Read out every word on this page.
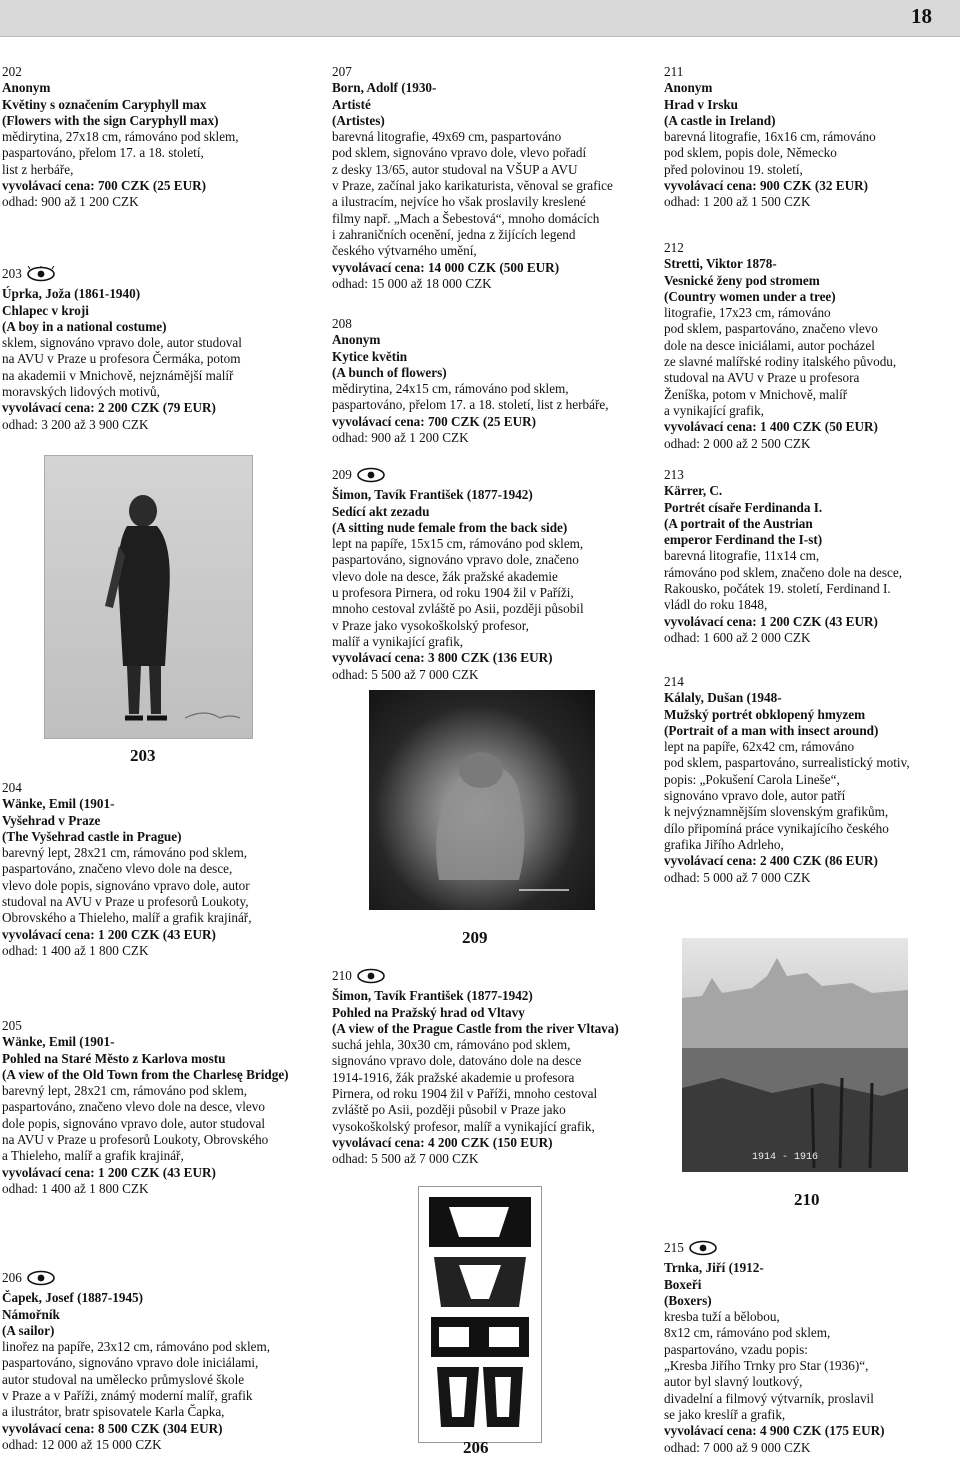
18
202
Anonym
Květiny s označením Caryphyll max
(Flowers with the sign Caryphyll max)
mědirytina, 27x18 cm, rámováno pod sklem,
paspartováno, přelom 17. a 18. století,
list z herbáře,
vyvolávací cena: 700 CZK (25 EUR)
odhad: 900 až 1 200 CZK
203
Úprka, Joža (1861-1940)
Chlapec v kroji
(A boy in a national costume)
sklem, signováno vpravo dole, autor studoval
na AVU v Praze u profesora Čermáka, potom
na akademii v Mnichově, nejznámější malíř
moravských lidových motivů,
vyvolávací cena: 2 200 CZK (79 EUR)
odhad: 3 200 až 3 900 CZK
203
204
Wänke, Emil (1901-
Vyšehrad v Praze
(The Vyšehrad castle in Prague)
barevný lept, 28x21 cm, rámováno pod sklem,
paspartováno, značeno vlevo dole na desce,
vlevo dole popis, signováno vpravo dole, autor
studoval na AVU v Praze u profesorů Loukoty,
Obrovského a Thieleho, malíř a grafik krajinář,
vyvolávací cena: 1 200 CZK (43 EUR)
odhad: 1 400 až 1 800 CZK
205
Wänke, Emil (1901-
Pohled na Staré Město z Karlova mostu
(A view of the Old Town from the Charlesę Bridge)
barevný lept, 28x21 cm, rámováno pod sklem,
paspartováno, značeno vlevo dole na desce, vlevo
dole popis, signováno vpravo dole, autor studoval
na AVU v Praze u profesorů Loukoty, Obrovského
a Thieleho, malíř a grafik krajinář,
vyvolávací cena: 1 200 CZK (43 EUR)
odhad: 1 400 až 1 800 CZK
206
Čapek, Josef (1887-1945)
Námořník
(A sailor)
linořez na papíře, 23x12 cm, rámováno pod sklem,
paspartováno, signováno vpravo dole iniciálami,
autor studoval na umělecko průmyslové škole
v Praze a v Paříži, známý moderní malíř, grafik
a ilustrátor, bratr spisovatele Karla Čapka,
vyvolávací cena: 8 500 CZK (304 EUR)
odhad: 12 000 až 15 000 CZK
207
Born, Adolf (1930-
Artisté
(Artistes)
barevná litografie, 49x69 cm, paspartováno
pod sklem, signováno vpravo dole, vlevo pořadí
z desky 13/65, autor studoval na VŠUP a AVU
v Praze, začínal jako karikaturista, věnoval se grafice
a ilustracím, nejvíce ho však proslavily kreslené
filmy např. „Mach a Šebestová“, mnoho domácích
i zahraničních ocenění, jedna z žijících legend
českého výtvarného umění,
vyvolávací cena: 14 000 CZK (500 EUR)
odhad: 15 000 až 18 000 CZK
208
Anonym
Kytice květin
(A bunch of flowers)
mědirytina, 24x15 cm, rámováno pod sklem,
paspartováno, přelom 17. a 18. století, list z herbáře,
vyvolávací cena: 700 CZK (25 EUR)
odhad: 900 až 1 200 CZK
209
Šimon, Tavík František (1877-1942)
Sedící akt zezadu
(A sitting nude female from the back side)
lept na papíře, 15x15 cm, rámováno pod sklem,
paspartováno, signováno vpravo dole, značeno
vlevo dole na desce, žák pražské akademie
u profesora Pirnera, od roku 1904 žil v Paříži,
mnoho cestoval zvláště po Asii, později působil
v Praze jako vysokoškolský profesor,
malíř a vynikající grafik,
vyvolávací cena: 3 800 CZK (136 EUR)
odhad: 5 500 až 7 000 CZK
209
210
Šimon, Tavík František (1877-1942)
Pohled na Pražský hrad od Vltavy
(A view of the Prague Castle from the river Vltava)
suchá jehla, 30x30 cm, rámováno pod sklem,
signováno vpravo dole, datováno dole na desce
1914-1916, žák pražské akademie u profesora
Pirnera, od roku 1904 žil v Paříži, mnoho cestoval
zvláště po Asii, později působil v Praze jako
vysokoškolský profesor, malíř a vynikající grafik,
vyvolávací cena: 4 200 CZK (150 EUR)
odhad: 5 500 až 7 000 CZK
206
211
Anonym
Hrad v Irsku
(A castle in Ireland)
barevná litografie, 16x16 cm, rámováno
pod sklem, popis dole, Německo
před polovinou 19. století,
vyvolávací cena: 900 CZK (32 EUR)
odhad: 1 200 až 1 500 CZK
212
Stretti, Viktor 1878-
Vesnické ženy pod stromem
(Country women under a tree)
litografie, 17x23 cm, rámováno
pod sklem, paspartováno, značeno vlevo
dole na desce iniciálami, autor pocházel
ze slavné malířské rodiny italského původu,
studoval na AVU v Praze u profesora
Ženíška, potom v Mnichově, malíř
a vynikající grafik,
vyvolávací cena: 1 400 CZK (50 EUR)
odhad: 2 000 až 2 500 CZK
213
Kärrer, C.
Portrét císaře Ferdinanda I.
(A portrait of the Austrian
emperor Ferdinand the I-st)
barevná litografie, 11x14 cm,
rámováno pod sklem, značeno dole na desce,
Rakousko, počátek 19. století, Ferdinand I.
vládl do roku 1848,
vyvolávací cena: 1 200 CZK (43 EUR)
odhad: 1 600 až 2 000 CZK
214
Kálaly, Dušan (1948-
Mužský portrét obklopený hmyzem
(Portrait of a man with insect around)
lept na papíře, 62x42 cm, rámováno
pod sklem, paspartováno, surrealistický motiv,
popis: „Pokušení Carola Lineše“,
signováno vpravo dole, autor patří
k nejvýznamnějším slovenským grafikům,
dílo připomíná práce vynikajícího českého
grafika Jiřího Adrleho,
vyvolávací cena: 2 400 CZK (86 EUR)
odhad: 5 000 až 7 000 CZK
1914 - 1916
210
215
Trnka, Jiří (1912-
Boxeři
(Boxers)
kresba tuží a bělobou,
8x12 cm, rámováno pod sklem,
paspartováno, vzadu popis:
„Kresba Jiřího Trnky pro Star (1936)“,
autor byl slavný loutkový,
divadelní a filmový výtvarník, proslavil
se jako kreslíř a grafik,
vyvolávací cena: 4 900 CZK (175 EUR)
odhad: 7 000 až 9 000 CZK
